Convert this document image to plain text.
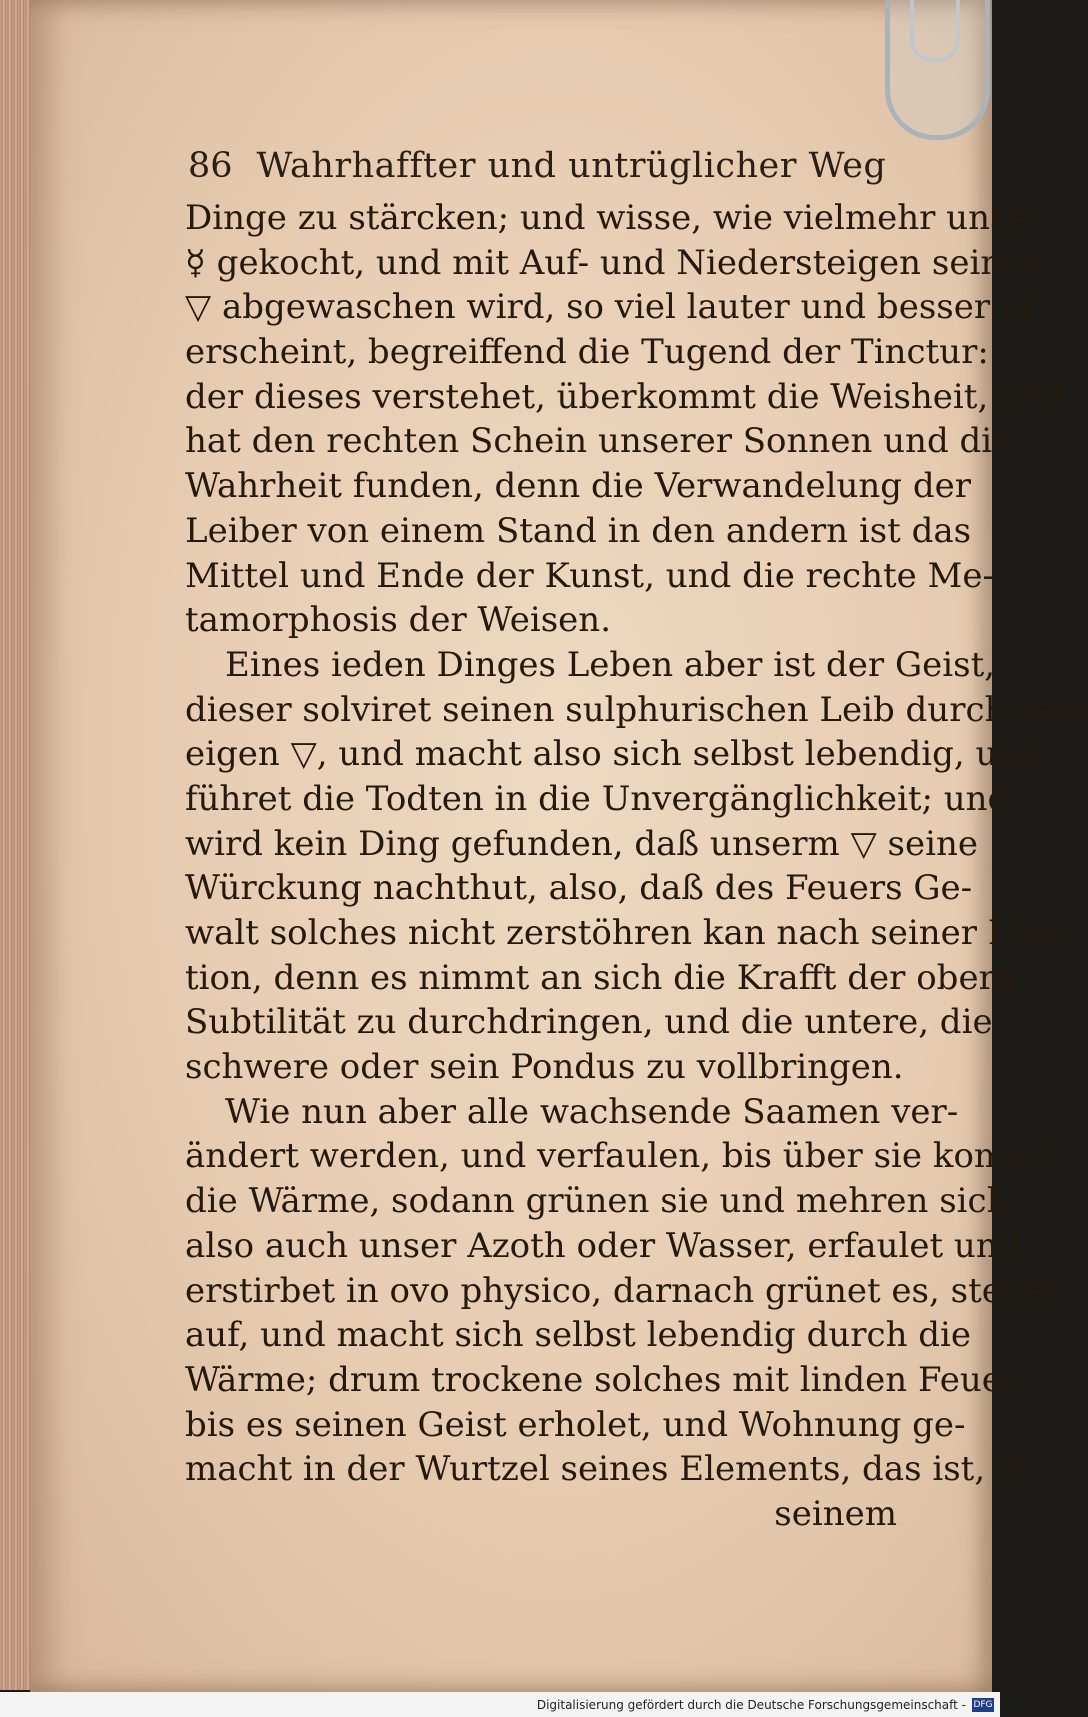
86 Wahrhaffter und untrüglicher Weg
Dinge zu stärcken; und wisse, wie vielmehr unser
☿ gekocht, und mit Auf- und Niedersteigen seines
▽ abgewaschen wird, so viel lauter und besser er
erscheint, begreiffend die Tugend der Tinctur:
der dieses verstehet, überkommt die Weisheit, und
hat den rechten Schein unserer Sonnen und die
Wahrheit funden, denn die Verwandelung der
Leiber von einem Stand in den andern ist das
Mittel und Ende der Kunst, und die rechte Me-
tamorphosis der Weisen.
Eines ieden Dinges Leben aber ist der Geist,
dieser solviret seinen sulphurischen Leib durch sein
eigen ▽, und macht also sich selbst lebendig, und
führet die Todten in die Unvergänglichkeit; und
wird kein Ding gefunden, daß unserm ▽ seine
Würckung nachthut, also, daß des Feuers Ge-
walt solches nicht zerstöhren kan nach seiner Fixa-
tion, denn es nimmt an sich die Krafft der obern
Subtilität zu durchdringen, und die untere, die
schwere oder sein Pondus zu vollbringen.
Wie nun aber alle wachsende Saamen ver-
ändert werden, und verfaulen, bis über sie kommt
die Wärme, sodann grünen sie und mehren sich;
also auch unser Azoth oder Wasser, erfaulet und
erstirbet in ovo physico, darnach grünet es, stehet
auf, und macht sich selbst lebendig durch die
Wärme; drum trockene solches mit linden Feuer,
bis es seinen Geist erholet, und Wohnung ge-
macht in der Wurtzel seines Elements, das ist, in
seinem
Digitalisierung gefördert durch die Deutsche Forschungsgemeinschaft - DFG
